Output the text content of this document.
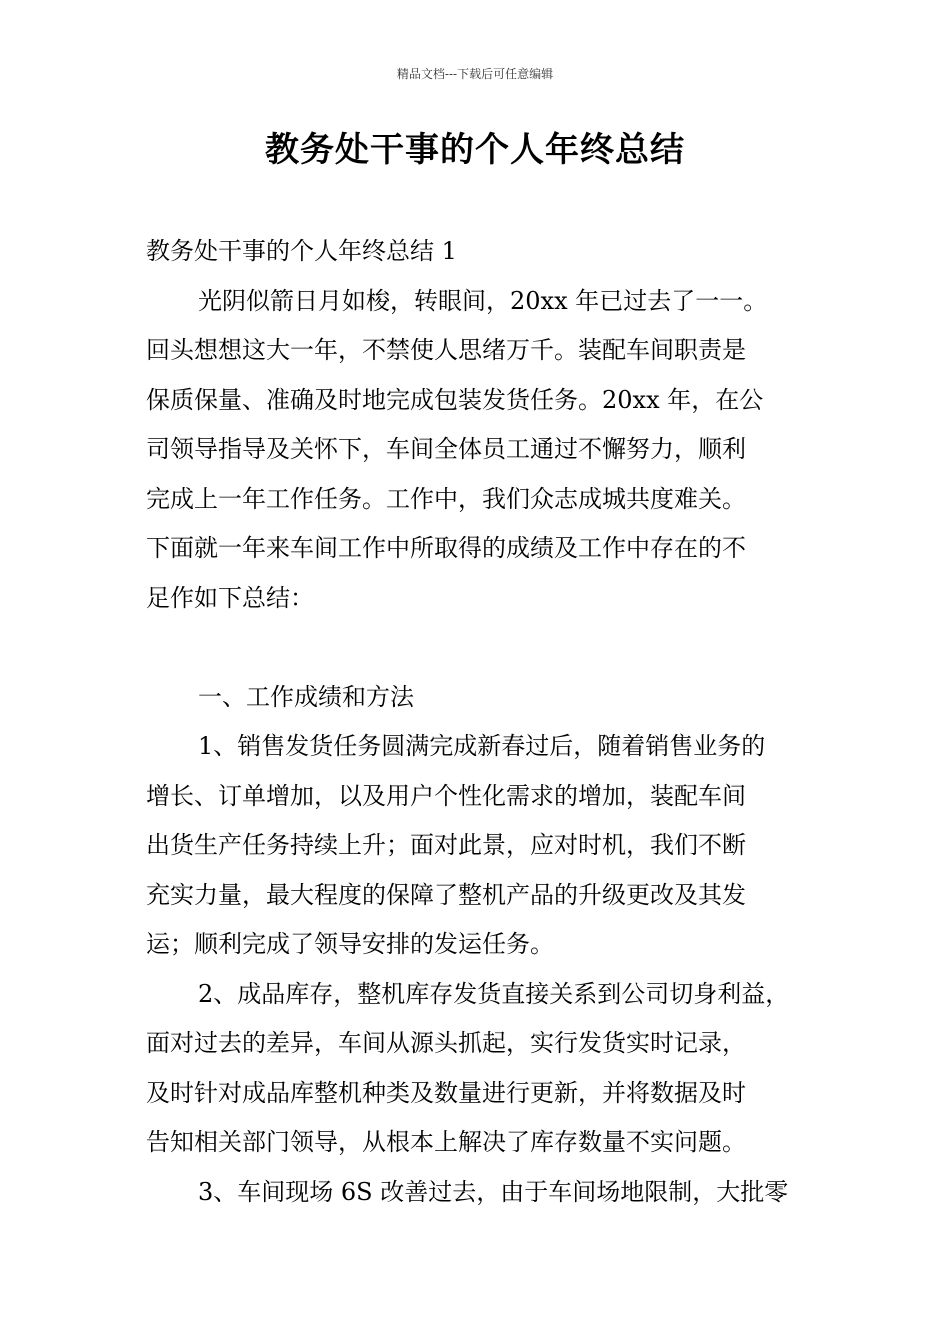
精品文档---下载后可任意编辑
教务处干事的个人年终总结
教务处干事的个人年终总结 1
光阴似箭日月如梭，转眼间，20xx 年已过去了一一。
回头想想这大一年，不禁使人思绪万千。装配车间职责是
保质保量、准确及时地完成包装发货任务。20xx 年，在公
司领导指导及关怀下，车间全体员工通过不懈努力，顺利
完成上一年工作任务。工作中，我们众志成城共度难关。
下面就一年来车间工作中所取得的成绩及工作中存在的不
足作如下总结：
一、工作成绩和方法
1、销售发货任务圆满完成新春过后，随着销售业务的
增长、订单增加，以及用户个性化需求的增加，装配车间
出货生产任务持续上升；面对此景，应对时机，我们不断
充实力量，最大程度的保障了整机产品的升级更改及其发
运；顺利完成了领导安排的发运任务。
2、成品库存，整机库存发货直接关系到公司切身利益，
面对过去的差异，车间从源头抓起，实行发货实时记录，
及时针对成品库整机种类及数量进行更新，并将数据及时
告知相关部门领导，从根本上解决了库存数量不实问题。
3、车间现场 6S 改善过去，由于车间场地限制，大批零
